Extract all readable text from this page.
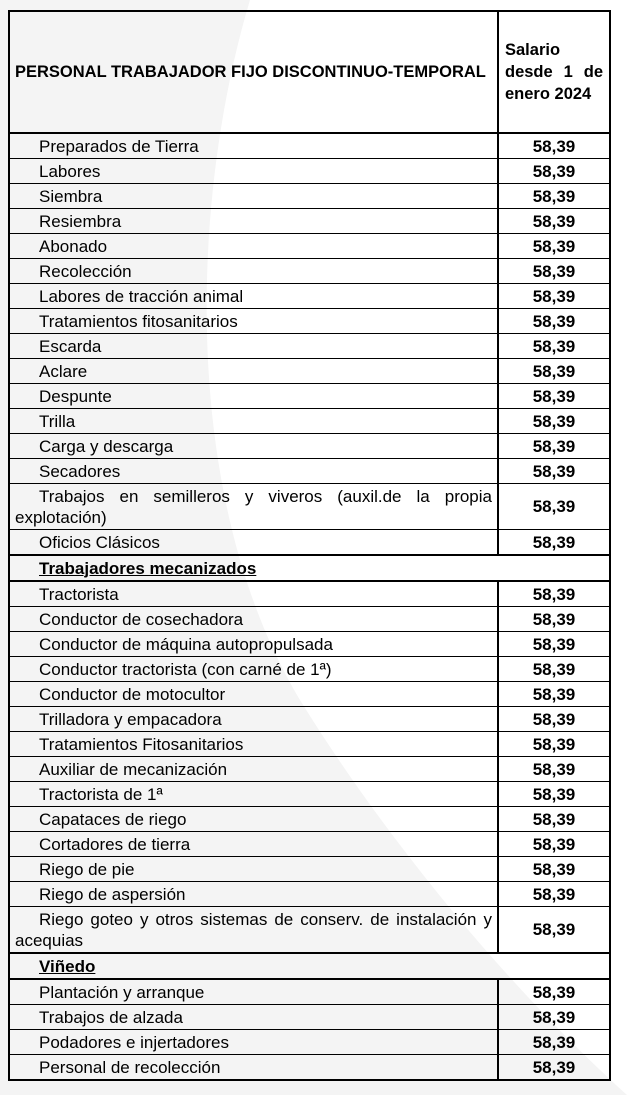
PERSONAL TRABAJADOR FIJO DISCONTINUO-TEMPORAL	Salario desde 1 de enero 2024
Preparados de Tierra	58,39
Labores	58,39
Siembra	58,39
Resiembra	58,39
Abonado	58,39
Recolección	58,39
Labores de tracción animal	58,39
Tratamientos fitosanitarios	58,39
Escarda	58,39
Aclare	58,39
Despunte	58,39
Trilla	58,39
Carga y descarga	58,39
Secadores	58,39
Trabajos en semilleros y viveros (auxil.de la propia explotación)	58,39
Oficios Clásicos	58,39
Trabajadores mecanizados	
Tractorista	58,39
Conductor de cosechadora	58,39
Conductor de máquina autopropulsada	58,39
Conductor tractorista (con carné de 1ª)	58,39
Conductor de motocultor	58,39
Trilladora y empacadora	58,39
Tratamientos Fitosanitarios	58,39
Auxiliar de mecanización	58,39
Tractorista de 1ª	58,39
Capataces de riego	58,39
Cortadores de tierra	58,39
Riego de pie	58,39
Riego de aspersión	58,39
Riego goteo y otros sistemas de conserv. de instalación y acequias	58,39
Viñedo	
Plantación y arranque	58,39
Trabajos de alzada	58,39
Podadores e injertadores	58,39
Personal de recolección	58,39
